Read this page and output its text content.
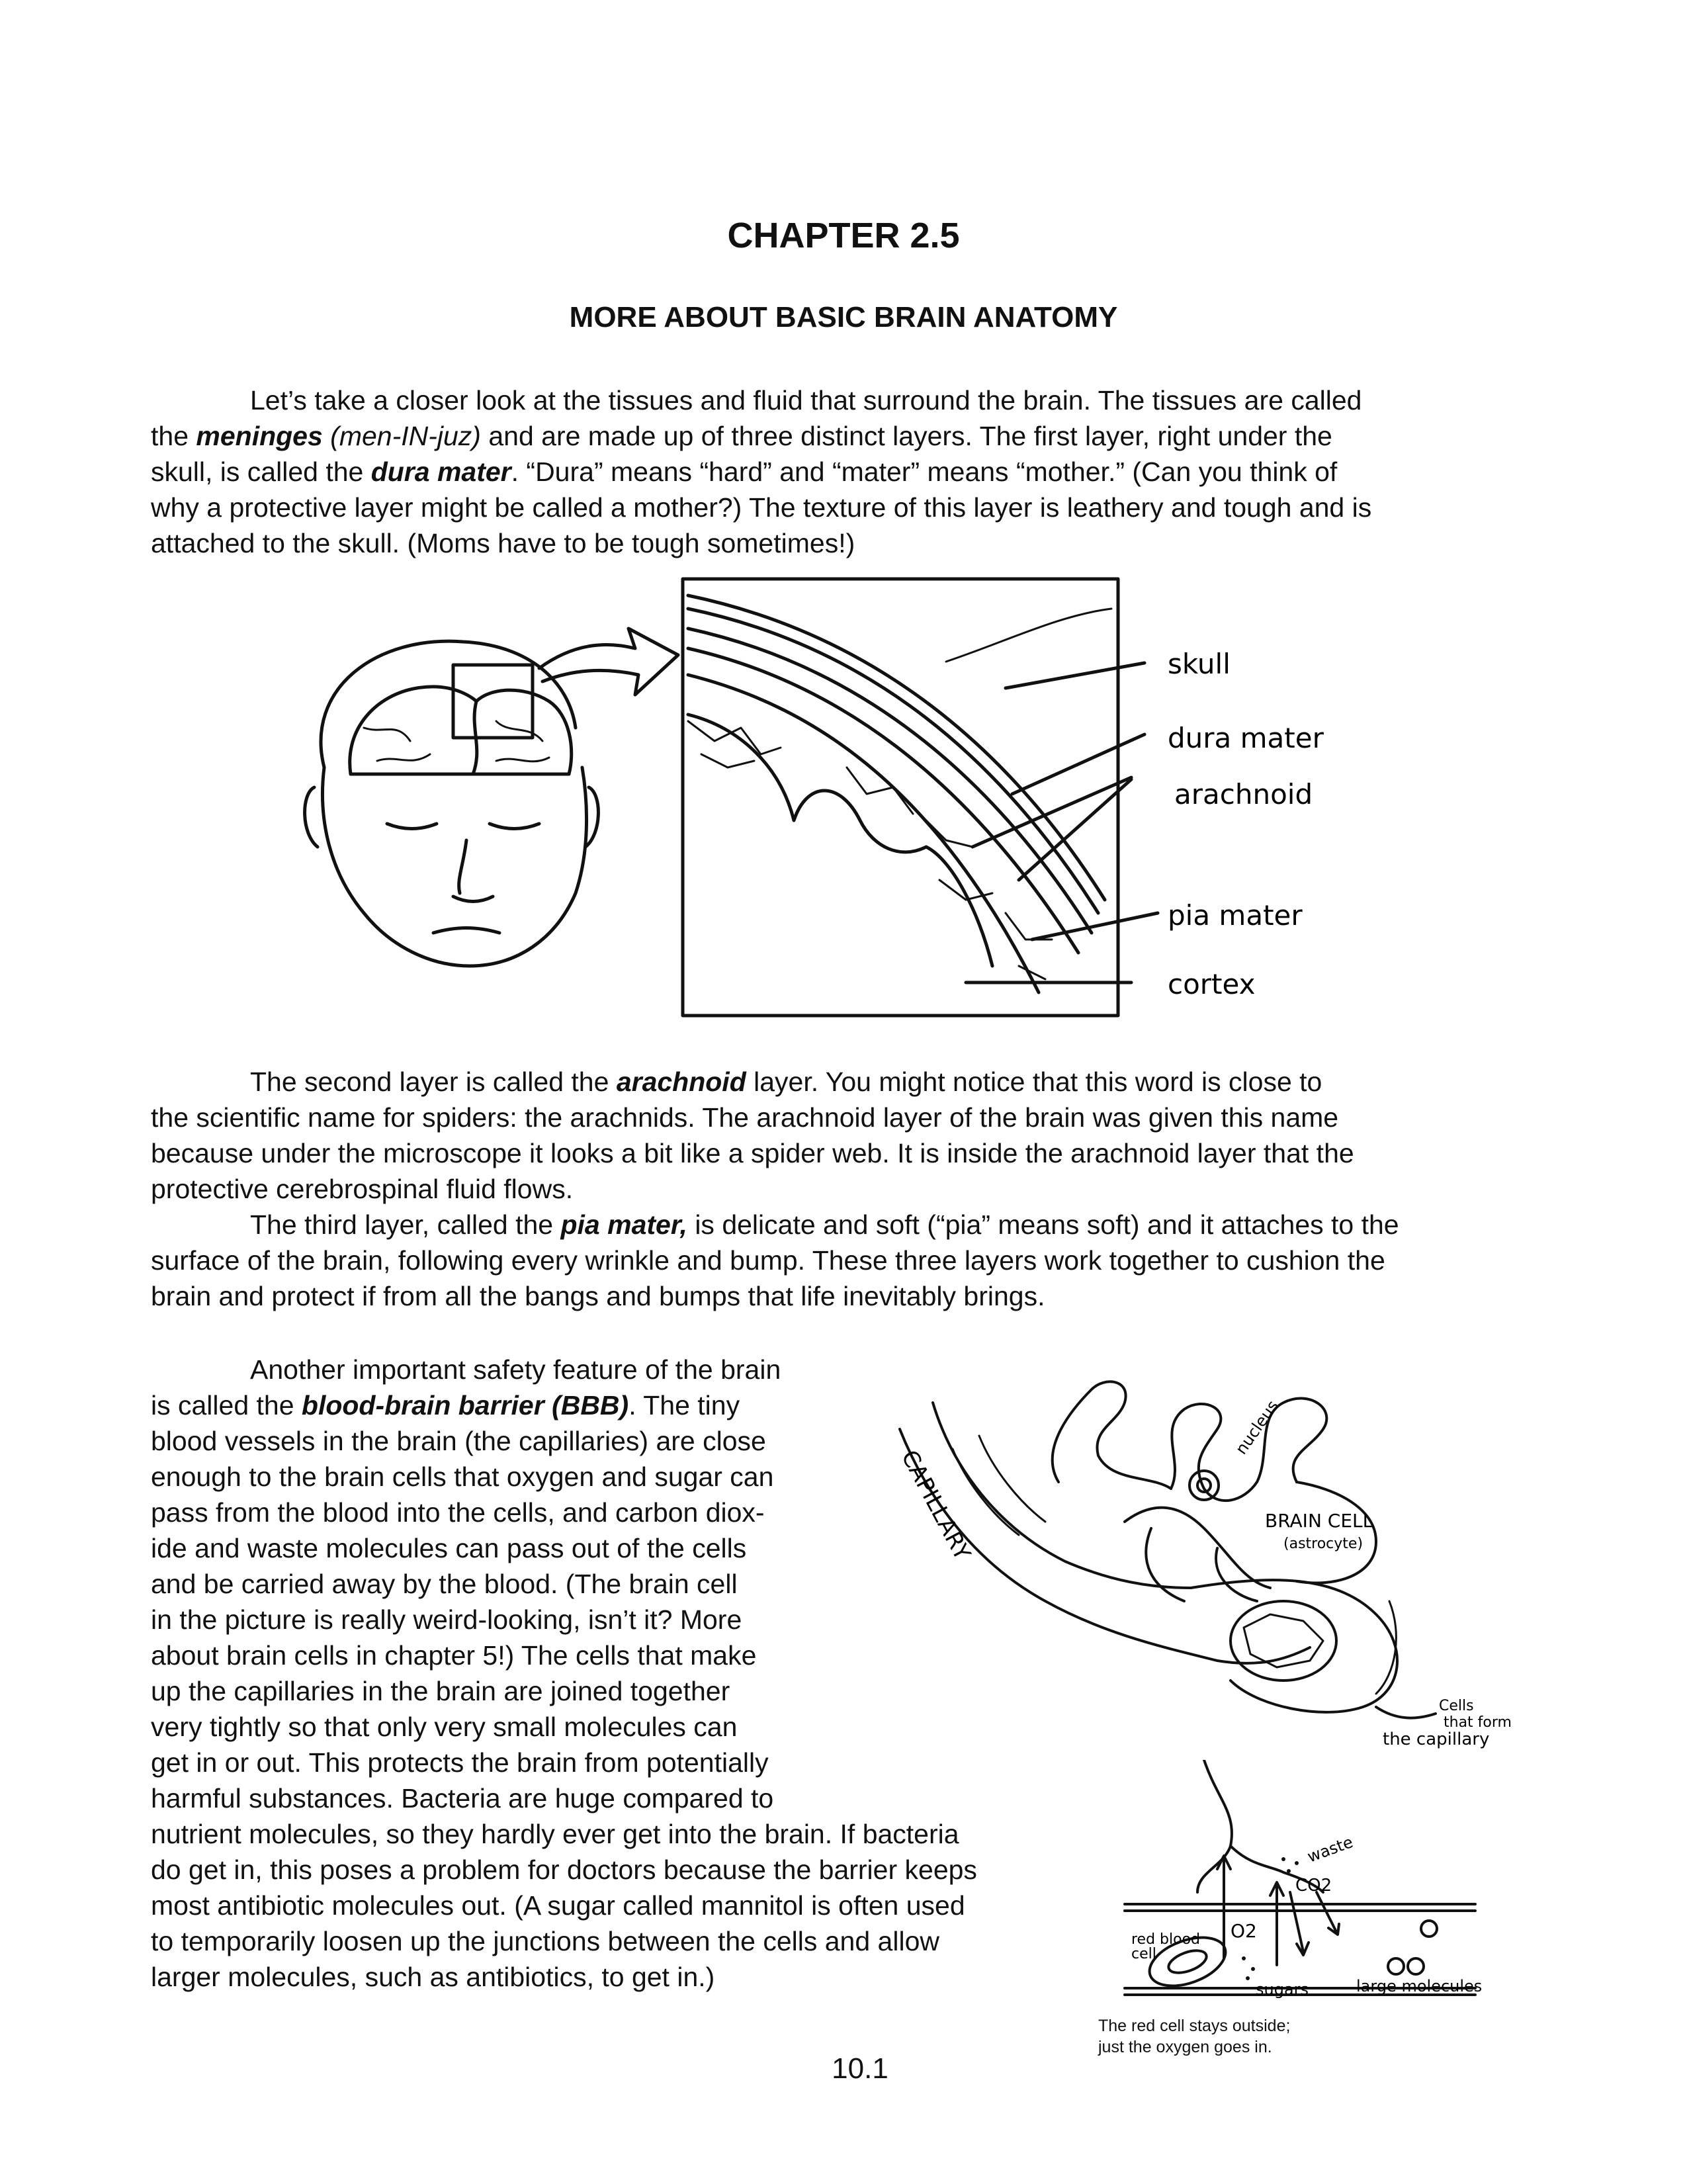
CHAPTER 2.5
MORE ABOUT BASIC BRAIN ANATOMY

Let’s take a closer look at the tissues and fluid that surround the brain. The tissues are called

the meninges (men-IN-juz) and are made up of three distinct layers. The first layer, right under the

skull, is called the dura mater. “Dura” means “hard” and “mater” means “mother.” (Can you think of

why a protective layer might be called a mother?) The texture of this layer is leathery and tough and is

attached to the skull. (Moms have to be tough sometimes!)

skull
dura mater
arachnoid
pia mater
cortex

The second layer is called the arachnoid layer. You might notice that this word is close to

the scientific name for spiders: the arachnids. The arachnoid layer of the brain was given this name

because under the microscope it looks a bit like a spider web. It is inside the arachnoid layer that the

protective cerebrospinal fluid flows.

The third layer, called the pia mater, is delicate and soft (“pia” means soft) and it attaches to the

surface of the brain, following every wrinkle and bump. These three layers work together to cushion the

brain and protect if from all the bangs and bumps that life inevitably brings.

Another important safety feature of the brain

is called the blood-brain barrier (BBB). The tiny

blood vessels in the brain (the capillaries) are close

enough to the brain cells that oxygen and sugar can

pass from the blood into the cells, and carbon diox-

ide and waste molecules can pass out of the cells

and be carried away by the blood. (The brain cell

in the picture is really weird-looking, isn’t it? More

about brain cells in chapter 5!) The cells that make

up the capillaries in the brain are joined together

very tightly so that only very small molecules can

get in or out. This protects the brain from potentially

harmful substances. Bacteria are huge compared to

nutrient molecules, so they hardly ever get into the brain. If bacteria

do get in, this poses a problem for doctors because the barrier keeps

most antibiotic molecules out. (A sugar called mannitol is often used

to temporarily loosen up the junctions between the cells and allow

larger molecules, such as antibiotics, to get in.)

nucleus
CAPILLARY	BRAIN CELL
(astrocyte)
Cells
that form
the capillary
waste
CO2
red blood
cell
O2
sugars	large molecules
The red cell stays outside;
just the oxygen goes in.
10.1
